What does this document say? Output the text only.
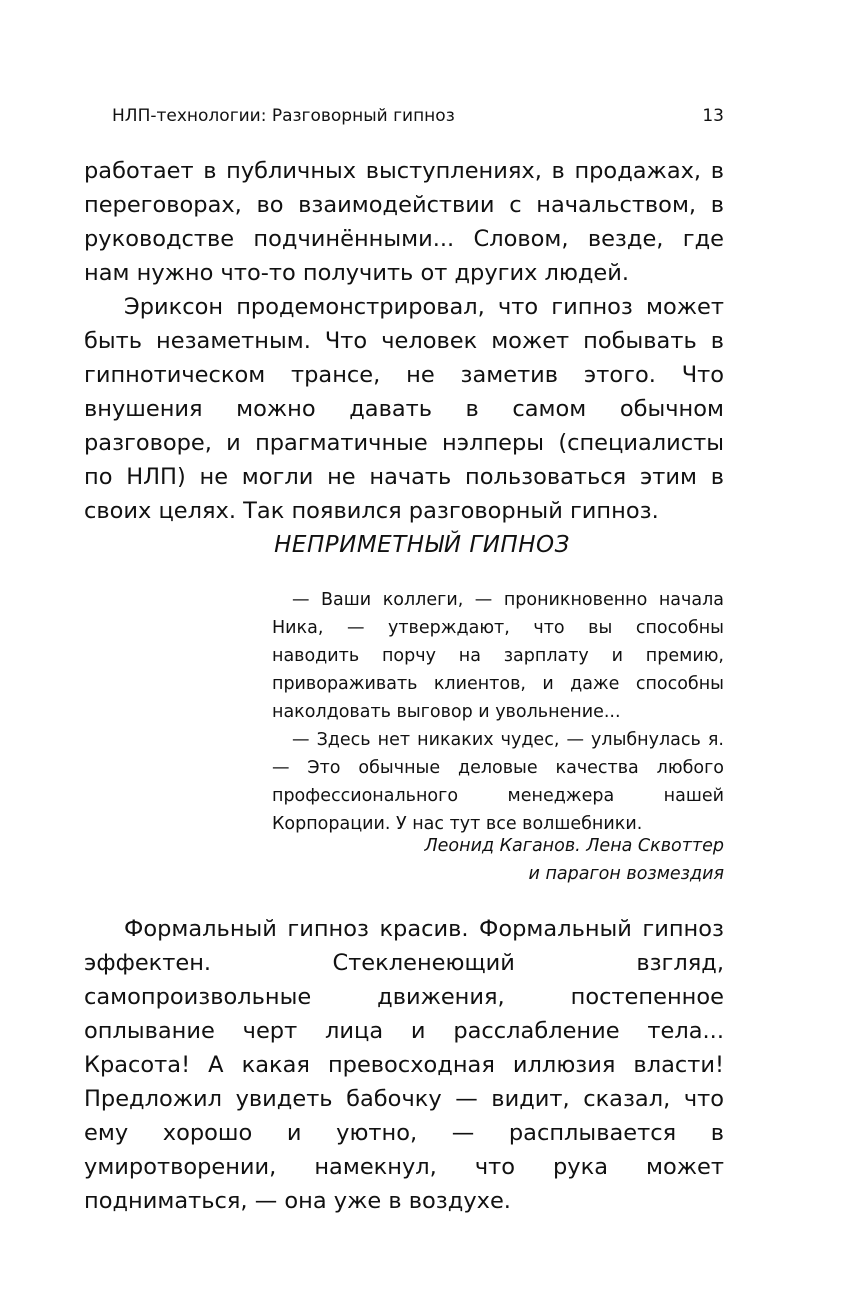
НЛП-технологии: Разговорный гипноз	13

работает в публичных выступлениях, в продажах, в переговорах, во взаимодействии с начальством, в руководстве подчинёнными... Словом, везде, где нам нужно что-то получить от других людей.

Эриксон продемонстрировал, что гипноз может быть незаметным. Что человек может побывать в гипнотическом трансе, не заметив этого. Что внушения можно давать в самом обычном разговоре, и прагматичные нэлперы (специалисты по НЛП) не могли не начать пользоваться этим в своих целях. Так появился разговорный гипноз.

НЕПРИМЕТНЫЙ ГИПНОЗ

— Ваши коллеги, — проникновенно начала Ника, — утверждают, что вы способны наводить порчу на зарплату и премию, привораживать клиентов, и даже способны наколдовать выговор и увольнение...

— Здесь нет никаких чудес, — улыбнулась я. — Это обычные деловые качества любого профессионального менеджера нашей Корпорации. У нас тут все волшебники.

Леонид Каганов. Лена Сквоттер
и парагон возмездия

Формальный гипноз красив. Формальный гипноз эффектен. Стекленеющий взгляд, самопроизвольные движения, постепенное оплывание черт лица и расслабление тела... Красота! А какая превосходная иллюзия власти! Предложил увидеть бабочку — видит, сказал, что ему хорошо и уютно, — расплывается в умиротворении, намекнул, что рука может подниматься, — она уже в воздухе.
